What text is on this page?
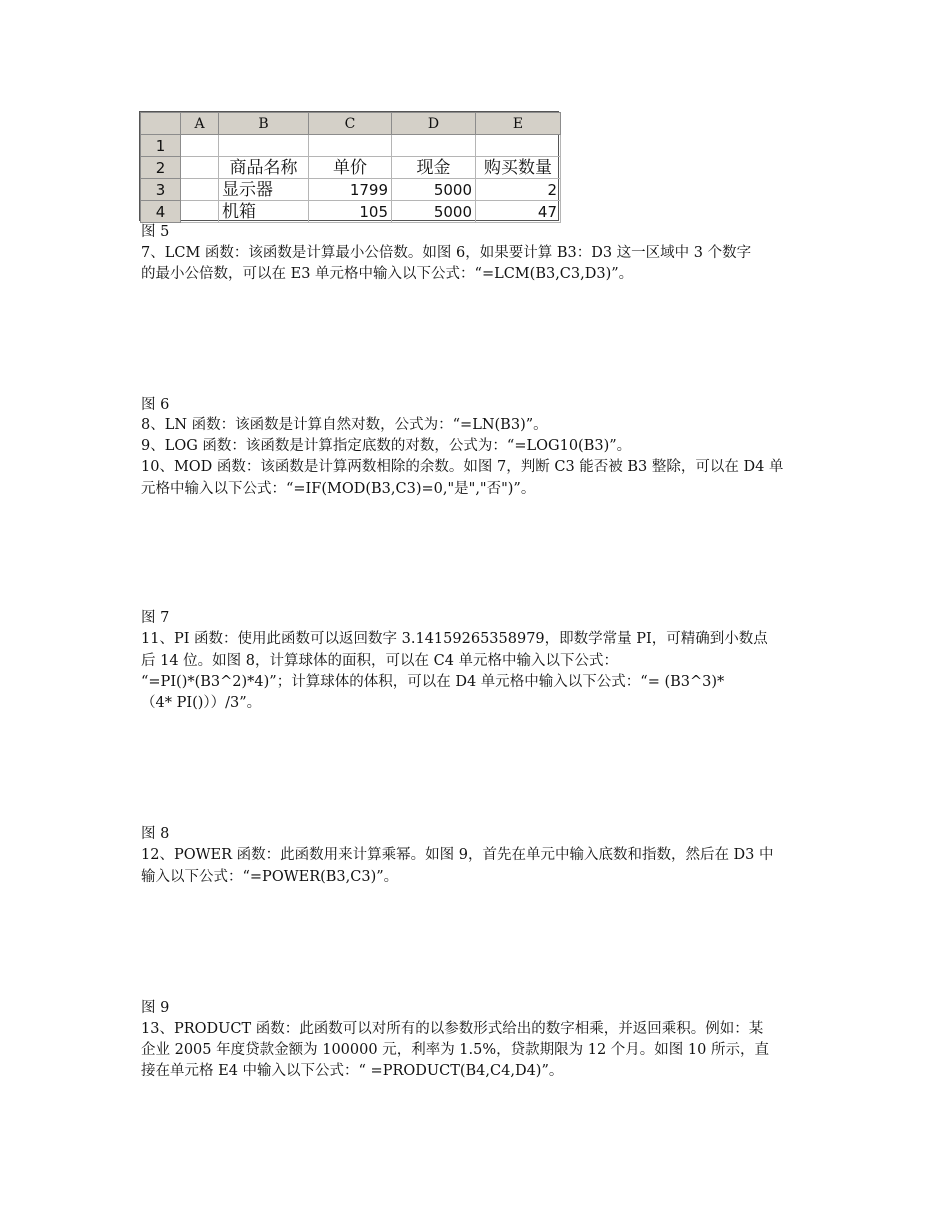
	A	B	C	D	E
1					
2		商品名称	单价	现金	购买数量
3		显示器	1799	5000	2
4		机箱	105	5000	47
图 5
7、LCM 函数：该函数是计算最小公倍数。如图 6，如果要计算 B3：D3 这一区域中 3 个数字
的最小公倍数，可以在 E3 单元格中输入以下公式：“=LCM(B3,C3,D3)”。
图 6
8、LN 函数：该函数是计算自然对数，公式为：“=LN(B3)”。
9、LOG 函数：该函数是计算指定底数的对数，公式为：“=LOG10(B3)”。
10、MOD 函数：该函数是计算两数相除的余数。如图 7，判断 C3 能否被 B3 整除，可以在 D4 单
元格中输入以下公式：“=IF(MOD(B3,C3)=0,"是","否")”。
图 7
11、PI 函数：使用此函数可以返回数字 3.14159265358979，即数学常量 PI，可精确到小数点
后 14 位。如图 8，计算球体的面积，可以在 C4 单元格中输入以下公式：
“=PI()*(B3^2)*4)”；计算球体的体积，可以在 D4 单元格中输入以下公式：“= (B3^3)*
（4* PI()））/3”。
图 8
12、POWER 函数：此函数用来计算乘幂。如图 9，首先在单元中输入底数和指数，然后在 D3 中
输入以下公式：“=POWER(B3,C3)”。
图 9
13、PRODUCT 函数：此函数可以对所有的以参数形式给出的数字相乘，并返回乘积。例如：某
企业 2005 年度贷款金额为 100000 元，利率为 1.5%，贷款期限为 12 个月。如图 10 所示，直
接在单元格 E4 中输入以下公式：“ =PRODUCT(B4,C4,D4)”。
